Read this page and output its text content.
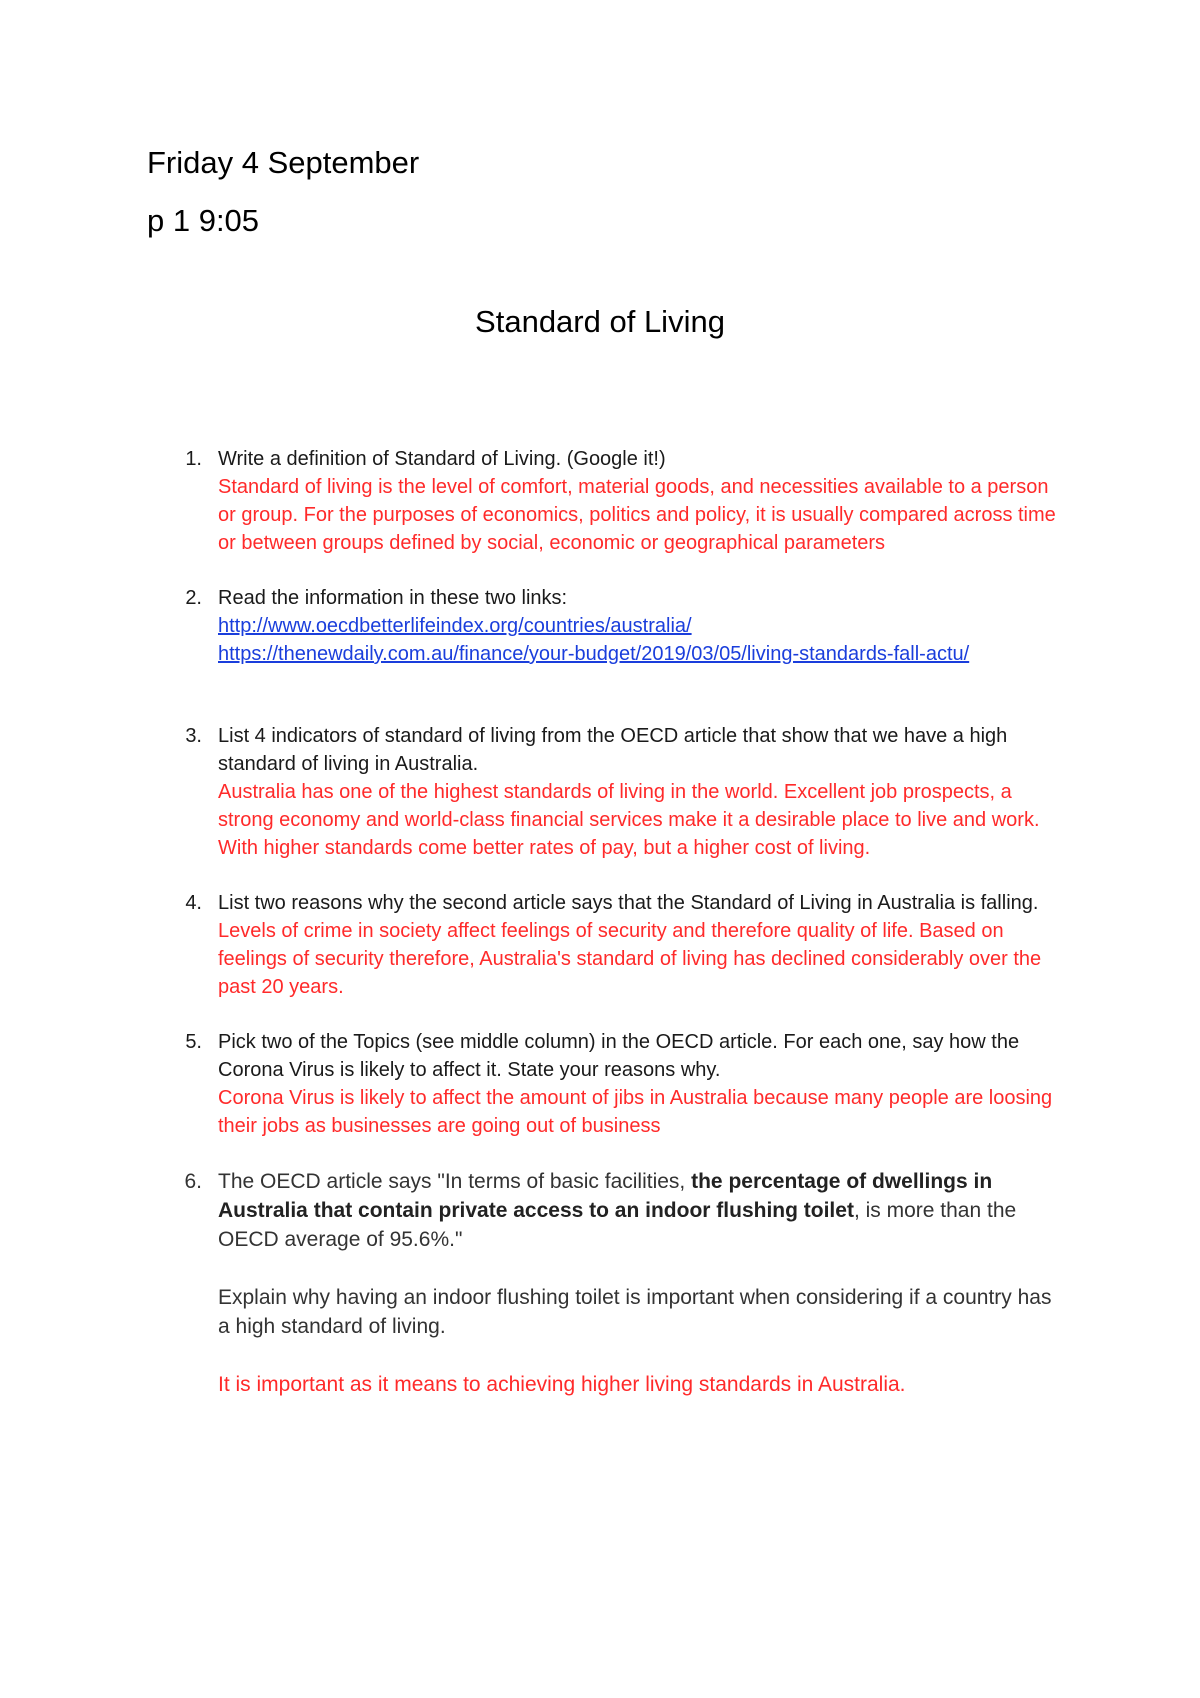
Friday 4 September
p 1 9:05
Standard of Living
1. Write a definition of Standard of Living. (Google it!)
Standard of living is the level of comfort, material goods, and necessities available to a person or group. For the purposes of economics, politics and policy, it is usually compared across time or between groups defined by social, economic or geographical parameters
2. Read the information in these two links:
http://www.oecdbetterlifeindex.org/countries/australia/
https://thenewdaily.com.au/finance/your-budget/2019/03/05/living-standards-fall-actu/
3. List 4 indicators of standard of living from the OECD article that show that we have a high standard of living in Australia.
Australia has one of the highest standards of living in the world. Excellent job prospects, a strong economy and world-class financial services make it a desirable place to live and work. With higher standards come better rates of pay, but a higher cost of living.
4. List two reasons why the second article says that the Standard of Living in Australia is falling.
Levels of crime in society affect feelings of security and therefore quality of life. Based on feelings of security therefore, Australia's standard of living has declined considerably over the past 20 years.
5. Pick two of the Topics (see middle column) in the OECD article. For each one, say how the Corona Virus is likely to affect it. State your reasons why.
Corona Virus is likely to affect the amount of jibs in Australia because many people are loosing their jobs as businesses are going out of business
6. The OECD article says "In terms of basic facilities, the percentage of dwellings in Australia that contain private access to an indoor flushing toilet, is more than the OECD average of 95.6%."
Explain why having an indoor flushing toilet is important when considering if a country has a high standard of living.
It is important as it means to achieving higher living standards in Australia.
